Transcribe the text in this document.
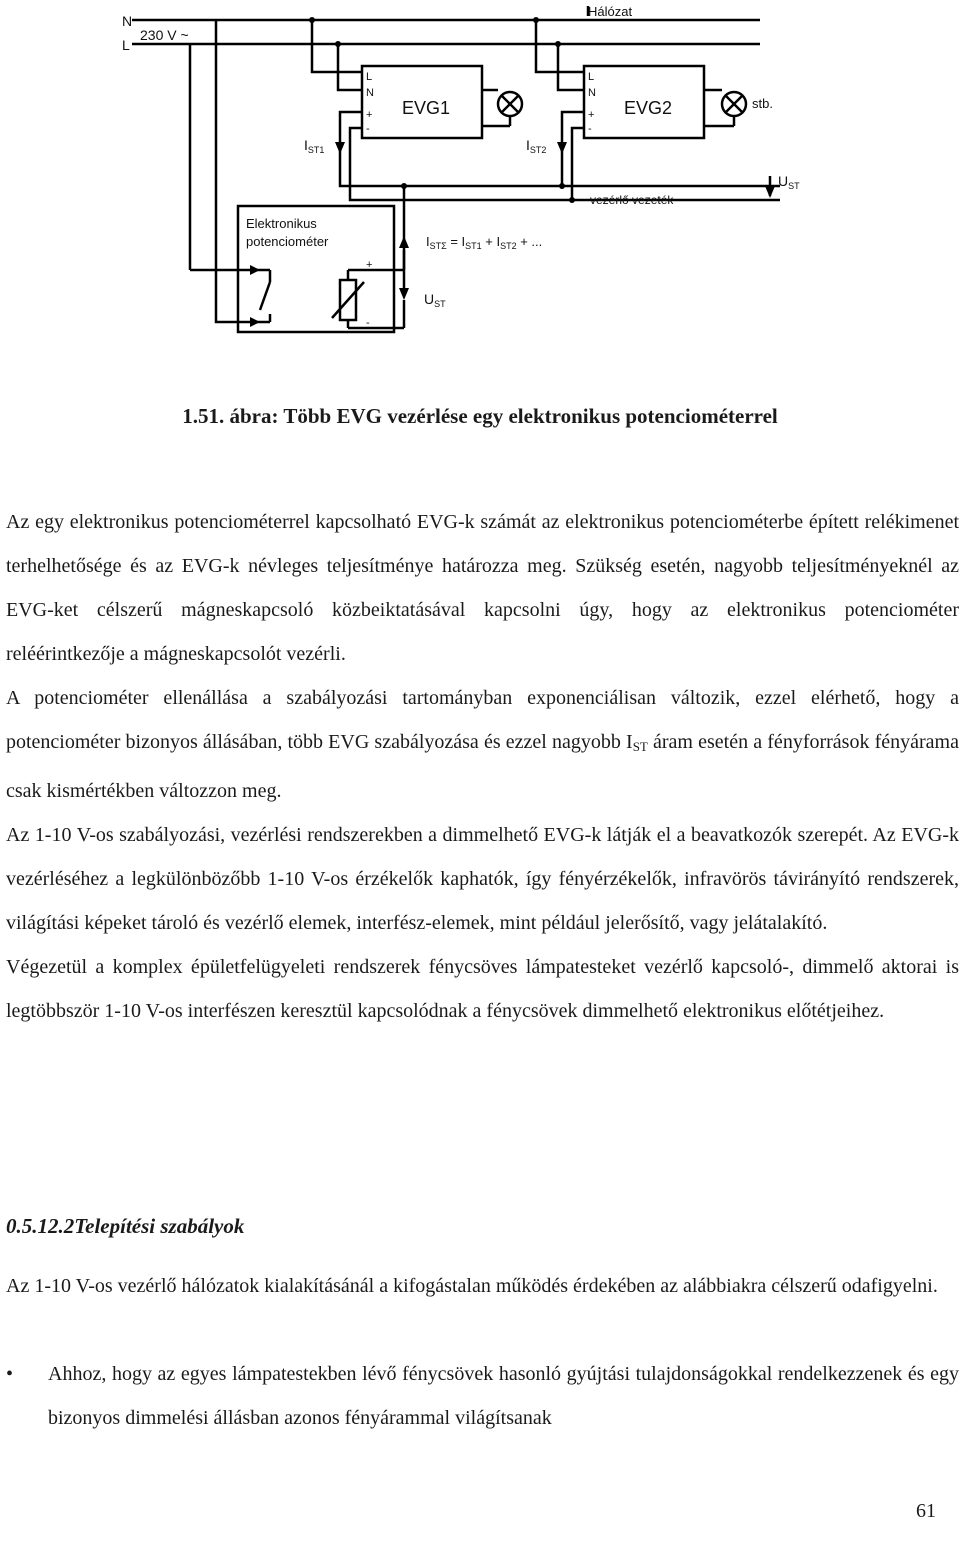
N
L
230 V ~
Hálózat
L
N
+
-
EVG1
L
N
+
-
EVG2	stb.
$I_{ST1}$	$I_{ST2}$
$U_{ST}$
vezérlő vezeték
Elektronikus
potenciométer
+
-
$I_{ST\Sigma} = I_{ST1} + I_{ST2}$ + ...
$U_{ST}$
1.51. ábra: Több EVG vezérlése egy elektronikus potenciométerrel

Az egy elektronikus potenciométerrel kapcsolható EVG-k számát az elektronikus potenciométerbe épített relékimenet terhelhetősége és az EVG-k névleges teljesítménye határozza meg. Szükség esetén, nagyobb teljesítményeknél az EVG-ket célszerű mágneskapcsoló közbeiktatásával kapcsolni úgy, hogy az elektronikus potenciométer reléérintkezője a mágneskapcsolót vezérli.

A potenciométer ellenállása a szabályozási tartományban exponenciálisan változik, ezzel elérhető, hogy a potenciométer bizonyos állásában, több EVG szabályozása és ezzel nagyobb $I_{ST}$ áram esetén a fényforrások fényárama csak kismértékben változzon meg.

Az 1-10 V-os szabályozási, vezérlési rendszerekben a dimmelhető EVG-k látják el a beavatkozók szerepét. Az EVG-k vezérléséhez a legkülönbözőbb 1-10 V-os érzékelők kaphatók, így fényérzékelők, infravörös távirányító rendszerek, világítási képeket tároló és vezérlő elemek, interfész-elemek, mint például jelerősítő, vagy jelátalakító.

Végezetül a komplex épületfelügyeleti rendszerek fénycsöves lámpatesteket vezérlő kapcsoló-, dimmelő aktorai is legtöbbször 1-10 V-os interfészen keresztül kapcsolódnak a fénycsövek dimmelhető elektronikus előtétjeihez.

0.5.12.2Telepítési szabályok

Az 1-10 V-os vezérlő hálózatok kialakításánál a kifogástalan működés érdekében az alábbiakra célszerű odafigyelni.

• Ahhoz, hogy az egyes lámpatestekben lévő fénycsövek hasonló gyújtási tulajdonságokkal rendelkezzenek és egy bizonyos dimmelési állásban azonos fényárammal világítsanak

61
